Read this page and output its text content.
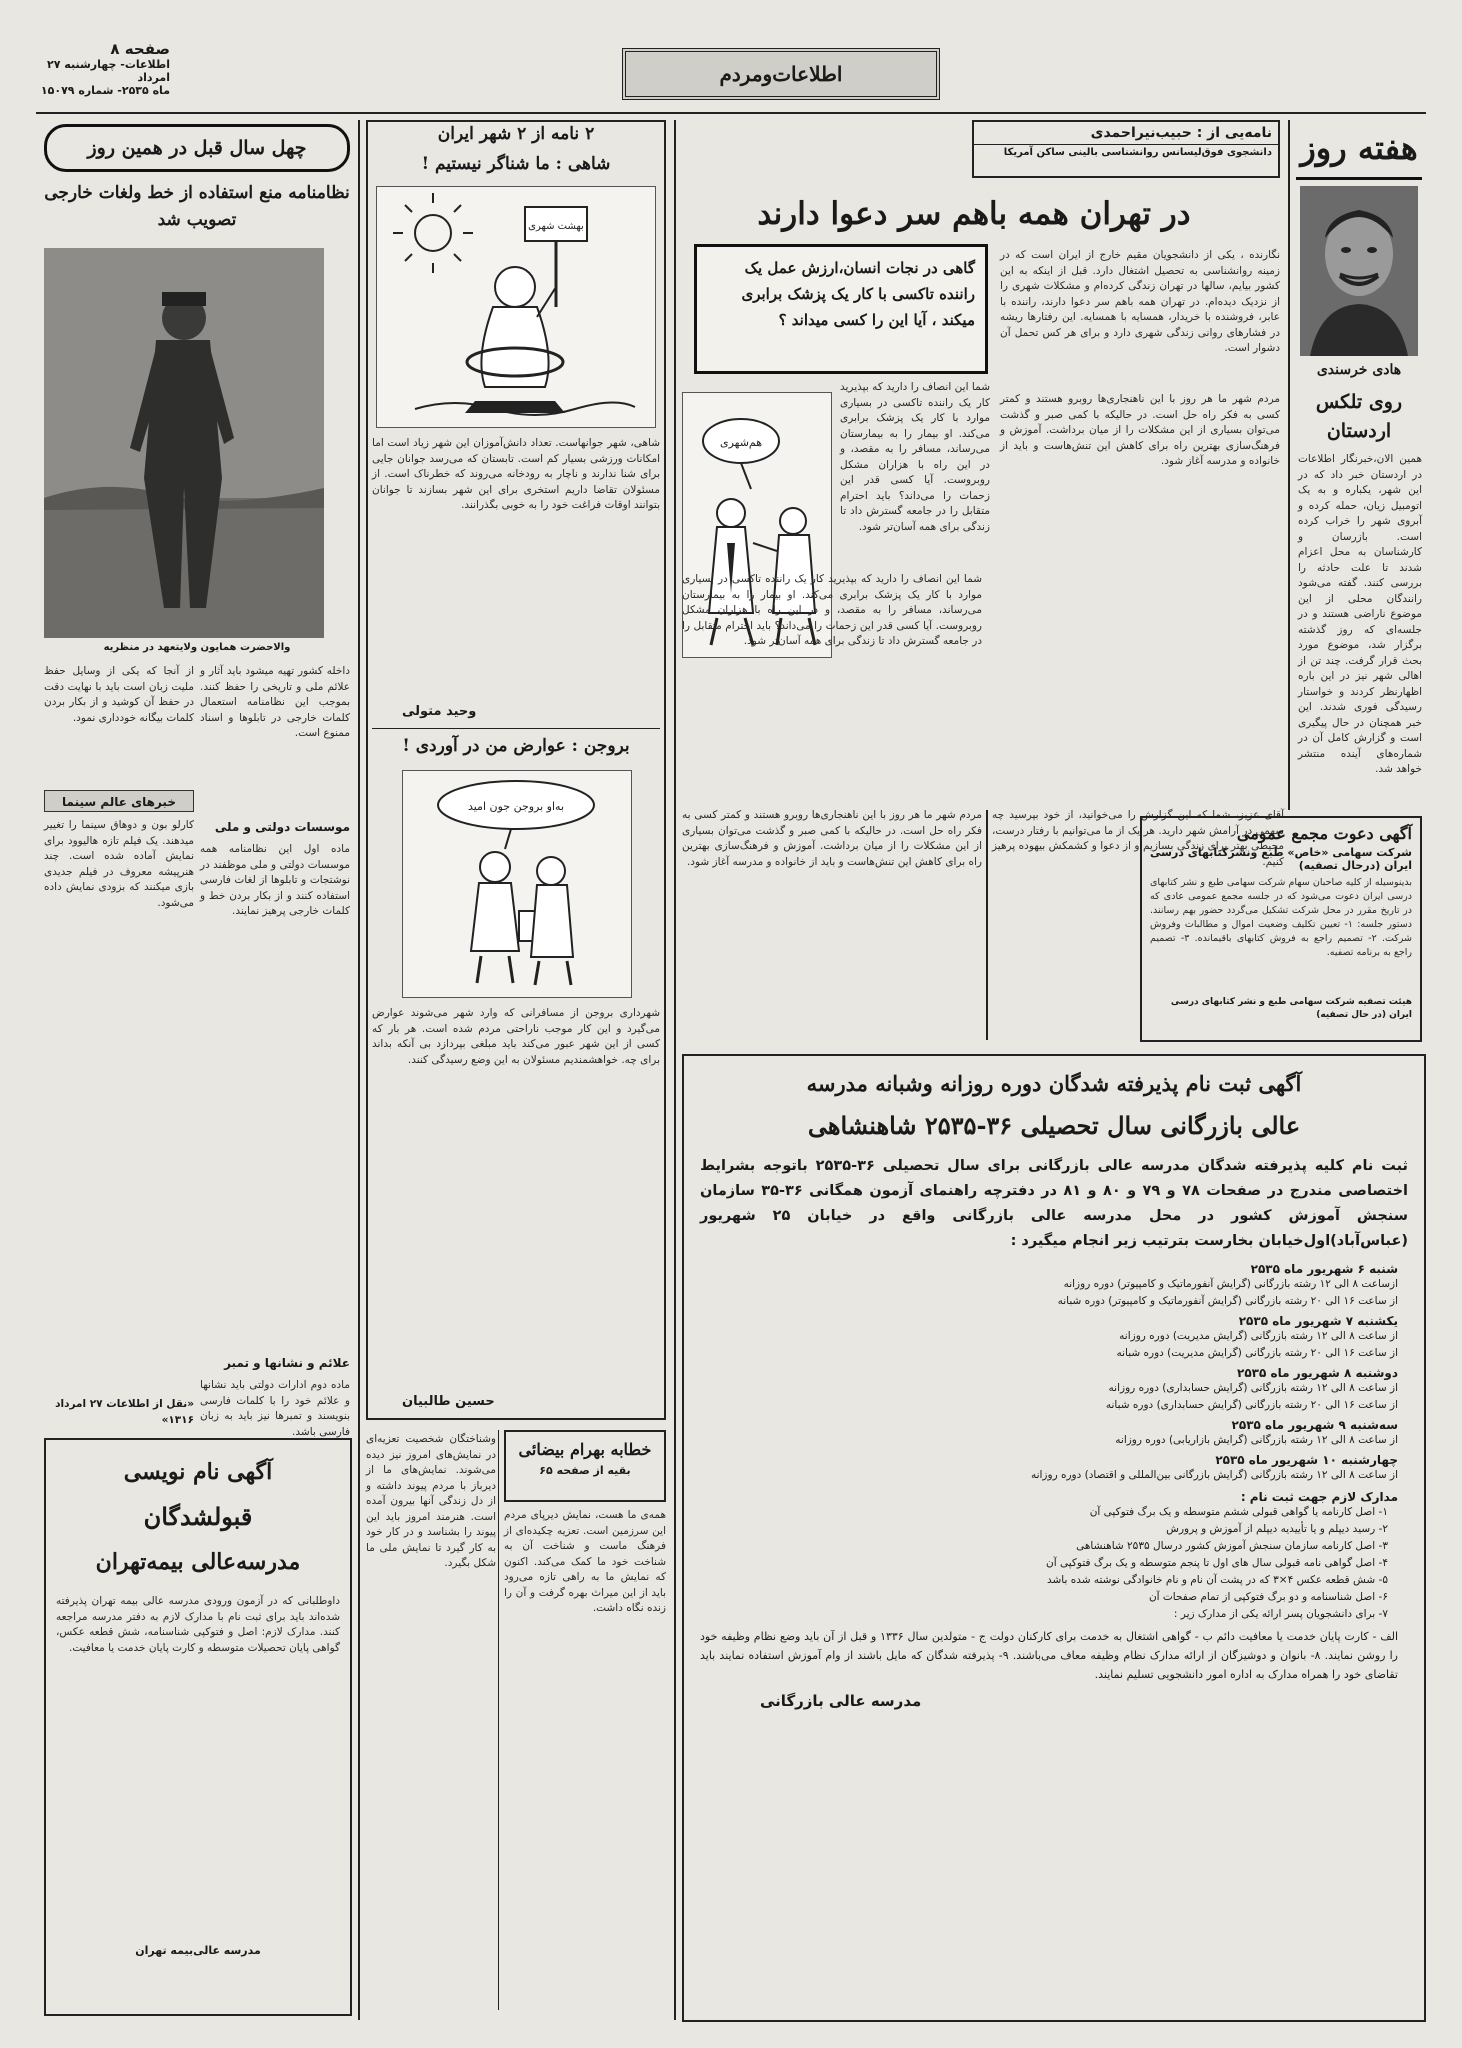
صفحه ۸
اطلاعات- چهارشنبه ۲۷ امرداد
ماه ۲۵۳۵- شماره ۱۵۰۷۹
اطلاعات‌ومردم
هفته روز
هادی خرسندی
روی تلکس اردستان
همین الان،خبرنگار اطلاعات در اردستان خبر داد که در این شهر، یکباره و به یک اتومبیل زیان، حمله کرده و آبروی شهر را خراب کرده است. بازرسان و کارشناسان به محل اعزام شدند تا علت حادثه را بررسی کنند. گفته می‌شود رانندگان محلی از این موضوع ناراضی هستند و در جلسه‌ای که روز گذشته برگزار شد، موضوع مورد بحث قرار گرفت. چند تن از اهالی شهر نیز در این باره اظهارنظر کردند و خواستار رسیدگی فوری شدند. این خبر همچنان در حال پیگیری است و گزارش کامل آن در شماره‌های آینده منتشر خواهد شد.
نامه‌یی از : حبیب‌نیراحمدی
دانشجوی فوق‌لیسانس روانشناسی بالینی ساکن آمریکا
در تهران همه باهم سر دعوا دارند
گاهی در نجات انسان،ارزش عمل یک راننده تاکسی با کار یک پزشک برابری میکند ، آیا این را کسی میداند ؟
نگارنده ، یکی از دانشجویان مقیم خارج از ایران است که در زمینه روانشناسی به تحصیل اشتغال دارد. قبل از اینکه به این کشور بیایم، سالها در تهران زندگی کرده‌ام و مشکلات شهری را از نزدیک دیده‌ام. در تهران همه باهم سر دعوا دارند، راننده با عابر، فروشنده با خریدار، همسایه با همسایه. این رفتارها ریشه در فشارهای روانی زندگی شهری دارد و برای هر کس تحمل آن دشوار است.
مردم شهر ما هر روز با این ناهنجاری‌ها روبرو هستند و کمتر کسی به فکر راه حل است. در حالیکه با کمی صبر و گذشت می‌توان بسیاری از این مشکلات را از میان برداشت. آموزش و فرهنگ‌سازی بهترین راه برای کاهش این تنش‌هاست و باید از خانواده و مدرسه آغاز شود.
شما این انصاف را دارید که بپذیرید کار یک راننده تاکسی در بسیاری موارد با کار یک پزشک برابری می‌کند. او بیمار را به بیمارستان می‌رساند، مسافر را به مقصد، و در این راه با هزاران مشکل روبروست. آیا کسی قدر این زحمات را می‌داند؟ باید احترام متقابل را در جامعه گسترش داد تا زندگی برای همه آسان‌تر شود.
هم‌شهری
شما این انصاف را دارید که بپذیرید کار یک راننده تاکسی در بسیاری موارد با کار یک پزشک برابری می‌کند. او بیمار را به بیمارستان می‌رساند، مسافر را به مقصد، و در این راه با هزاران مشکل روبروست. آیا کسی قدر این زحمات را می‌داند؟ باید احترام متقابل را در جامعه گسترش داد تا زندگی برای همه آسان‌تر شود.
آقای عزیز، شما که این گزارش را می‌خوانید، از خود بپرسید چه سهمی در آرامش شهر دارید. هر یک از ما می‌توانیم با رفتار درست، محیطی بهتر برای زندگی بسازیم و از دعوا و کشمکش بیهوده پرهیز کنیم.
مردم شهر ما هر روز با این ناهنجاری‌ها روبرو هستند و کمتر کسی به فکر راه حل است. در حالیکه با کمی صبر و گذشت می‌توان بسیاری از این مشکلات را از میان برداشت. آموزش و فرهنگ‌سازی بهترین راه برای کاهش این تنش‌هاست و باید از خانواده و مدرسه آغاز شود.
آگهی دعوت مجمع عمومی
شرکت سهامی «خاص» طبع ونشرکتابهای درسی
ایران (درحال تصفیه)
بدینوسیله از کلیه صاحبان سهام شرکت سهامی طبع و نشر کتابهای درسی ایران دعوت می‌شود که در جلسه مجمع عمومی عادی که در تاریخ مقرر در محل شرکت تشکیل می‌گردد حضور بهم رسانند. دستور جلسه: ۱- تعیین تکلیف وضعیت اموال و مطالبات وفروش شرکت. ۲- تصمیم راجع به فروش کتابهای باقیمانده. ۳- تصمیم راجع به برنامه تصفیه.
هیئت تصفیه شرکت سهامی طبع و نشر کتابهای درسی ایران (در حال تصفیه)
آگهی ثبت نام پذیرفته شدگان دوره روزانه وشبانه مدرسه
عالی بازرگانی سال تحصیلی ۳۶-۲۵۳۵ شاهنشاهی
ثبت نام کلیه پذیرفته شدگان مدرسه عالی بازرگانی برای سال تحصیلی ۳۶-۲۵۳۵ باتوجه بشرایط اختصاصی مندرج در صفحات ۷۸ و ۷۹ و ۸۰ و ۸۱ در دفترچه راهنمای آزمون همگانی ۳۶-۳۵ سازمان سنجش آموزش کشور در محل مدرسه عالی بازرگانی واقع در خیابان ۲۵ شهریور (عباس‌آباد)اول‌خیابان بخارست بترتیب زیر انجام میگیرد :
شنبه ۶ شهریور ماه ۲۵۳۵

ازساعت ۸ الی ۱۲ رشته بازرگانی (گرایش آنفورماتیک و کامپیوتر) دوره روزانه

از ساعت ۱۶ الی ۲۰ رشته بازرگانی (گرایش آنفورماتیک و کامپیوتر) دوره شبانه

یکشنبه ۷ شهریور ماه ۲۵۳۵

از ساعت ۸ الی ۱۲ رشته بازرگانی (گرایش مدیریت) دوره روزانه

از ساعت ۱۶ الی ۲۰ رشته بازرگانی (گرایش مدیریت) دوره شبانه

دوشنبه ۸ شهریور ماه ۲۵۳۵

از ساعت ۸ الی ۱۲ رشته بازرگانی (گرایش حسابداری) دوره روزانه

از ساعت ۱۶ الی ۲۰ رشته بازرگانی (گرایش حسابداری) دوره شبانه

سه‌شنبه ۹ شهریور ماه ۲۵۳۵

از ساعت ۸ الی ۱۲ رشته بازرگانی (گرایش بازاریابی) دوره روزانه

چهارشنبه ۱۰ شهریور ماه ۲۵۳۵

از ساعت ۸ الی ۱۲ رشته بازرگانی (گرایش بازرگانی بین‌المللی و اقتصاد) دوره روزانه

مدارک لازم جهت ثبت نام :

۱- اصل کارنامه یا گواهی قبولی ششم متوسطه و یک برگ فتوکپی آن

۲- رسید دیپلم و یا تأییدیه دیپلم از آموزش و پرورش

۳- اصل کارنامه سازمان سنجش آموزش کشور درسال ۲۵۳۵ شاهنشاهی

۴- اصل گواهی نامه قبولی سال های اول تا پنجم متوسطه و یک برگ فتوکپی آن

۵- شش قطعه عکس ۴×۳ که در پشت آن نام و نام خانوادگی نوشته شده باشد

۶- اصل شناسنامه و دو برگ فتوکپی از تمام صفحات آن

۷- برای دانشجویان پسر ارائه یکی از مدارک زیر :

الف - کارت پایان خدمت یا معافیت دائم ب - گواهی اشتغال به خدمت برای کارکنان دولت ج - متولدین سال ۱۳۳۶ و قبل از آن باید وضع نظام وظیفه خود را روشن نمایند. ۸- بانوان و دوشیزگان از ارائه مدارک نظام وظیفه معاف می‌باشند. ۹- پذیرفته شدگان که مایل باشند از وام آموزش استفاده نمایند باید تقاضای خود را همراه مدارک به اداره امور دانشجویی تسلیم نمایند.
مدرسه عالی بازرگانی
۲ نامه از ۲ شهر ایران
شاهی : ما شناگر نیستیم !
بهشت شهری
شاهی، شهر جوانهاست. تعداد دانش‌آموزان این شهر زیاد است اما امکانات ورزشی بسیار کم است. تابستان که می‌رسد جوانان جایی برای شنا ندارند و ناچار به رودخانه می‌روند که خطرناک است. از مسئولان تقاضا داریم استخری برای این شهر بسازند تا جوانان بتوانند اوقات فراغت خود را به خوبی بگذرانند.
وحید متولی
بروجن : عوارض من در آوردی !
به‌او بروجن جون امید
شهرداری بروجن از مسافرانی که وارد شهر می‌شوند عوارض می‌گیرد و این کار موجب ناراحتی مردم شده است. هر بار که کسی از این شهر عبور می‌کند باید مبلغی بپردازد بی آنکه بداند برای چه. خواهشمندیم مسئولان به این وضع رسیدگی کنند.
حسین طالبیان
خطابه بهرام بیضائی
بقیه از صفحه ۶۵
همه‌ی ما هست، نمایش دیرپای مردم این سرزمین است. تعزیه چکیده‌ای از فرهنگ ماست و شناخت آن به شناخت خود ما کمک می‌کند. اکنون که نمایش ما به راهی تازه می‌رود باید از این میراث بهره گرفت و آن را زنده نگاه داشت.
وشناختگان شخصیت تعزیه‌ای در نمایش‌های امروز نیز دیده می‌شوند. نمایش‌های ما از دیرباز با مردم پیوند داشته و از دل زندگی آنها بیرون آمده است. هنرمند امروز باید این پیوند را بشناسد و در کار خود به کار گیرد تا نمایش ملی ما شکل بگیرد.
چهل سال قبل در همین روز
نظامنامه منع استفاده از خط ولغات خارجی تصویب شد
والاحضرت همایون ولایتعهد در منظریه
داخله کشور تهیه میشود باید آثار و علائم ملی و تاریخی را حفظ کنند. بموجب این نظامنامه استعمال کلمات خارجی در تابلوها و اسناد ممنوع است.
از آنجا که یکی از وسایل حفظ ملیت زبان است باید با نهایت دقت در حفظ آن کوشید و از بکار بردن کلمات بیگانه خودداری نمود.
موسسات دولتی و ملی
ماده اول این نظامنامه همه موسسات دولتی و ملی موظفند در نوشتجات و تابلوها از لغات فارسی استفاده کنند و از بکار بردن خط و کلمات خارجی پرهیز نمایند.
خبرهای عالم سینما
کارلو بون و دوهاق سینما را تغییر میدهند. یک فیلم تازه هالیوود برای نمایش آماده شده است. چند هنرپیشه معروف در فیلم جدیدی بازی میکنند که بزودی نمایش داده می‌شود.
علائم و نشانها و تمبر
ماده دوم ادارات دولتی باید نشانها و علائم خود را با کلمات فارسی بنویسند و تمبرها نیز باید به زبان فارسی باشد.
«نقل از اطلاعات ۲۷ امرداد ۱۳۱۶»
آگهی نام نویسی
قبولشدگان
مدرسه‌عالی بیمه‌تهران
داوطلبانی که در آزمون ورودی مدرسه عالی بیمه تهران پذیرفته شده‌اند باید برای ثبت نام با مدارک لازم به دفتر مدرسه مراجعه کنند. مدارک لازم: اصل و فتوکپی شناسنامه، شش قطعه عکس، گواهی پایان تحصیلات متوسطه و کارت پایان خدمت یا معافیت.
مدرسه عالی‌بیمه تهران
